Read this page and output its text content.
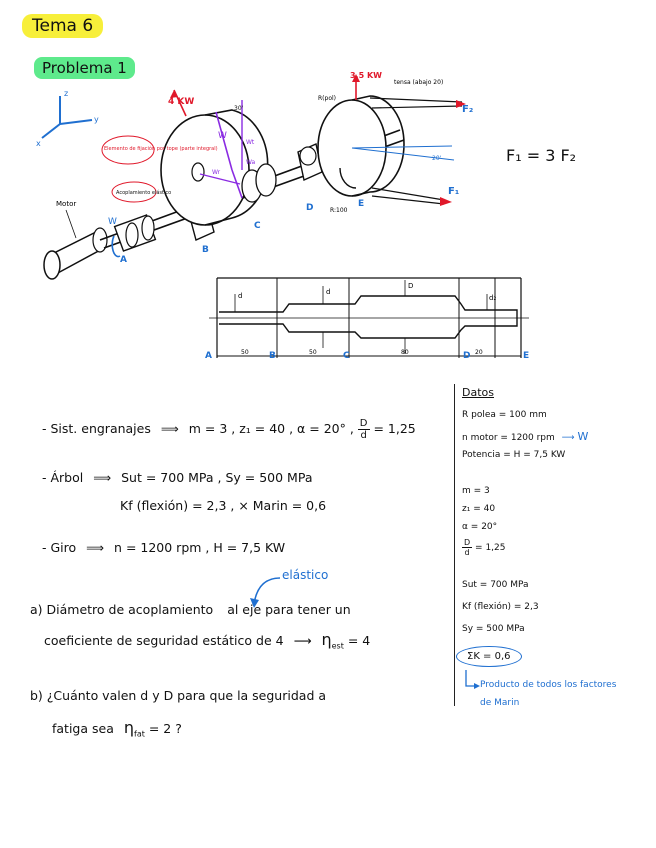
Tema 6
Problema 1
z
y
x
Motor
W
W
Wt
Wr
Wa
30'
4 KW
F₂
F₁
20'
tensa (abajo 20)
3,5 KW
R(pol)
R:100
Elemento de fijación por tope (parte integral)
Acoplamiento elástico
A
B
C
D	E
F₁ = 3 F₂
d	d
D
d₂
A	B	C	D	E
50	50	80	20
- Sist. engranajes ⟹ m = 3 , z₁ = 40 , α = 20° , $\frac{D}{d} = 1,25$
- Árbol ⟹ Sut = 700 MPa , Sy = 500 MPa
Kf (flexión) = 2,3 , × Marin = 0,6
- Giro ⟹ n = 1200 rpm , H = 7,5 KW
elástico
a) Diámetro de acoplamiento al eje para tener un
coeficiente de seguridad estático de 4 ⟶ $\eta_{est} = 4$
b) ¿Cuánto valen d y D para que la seguridad a
fatiga sea $\eta_{fat} = 2$ ?
Datos
R polea = 100 mm
n motor = 1200 rpm ⟶ W
Potencia = H = 7,5 KW
m = 3
z₁ = 40
α = 20°
$\frac{D}{d} = 1,25$
Sut = 700 MPa
Kf (flexión) = 2,3
Sy = 500 MPa
ΣK = 0,6
Producto de todos los factores
de Marin
